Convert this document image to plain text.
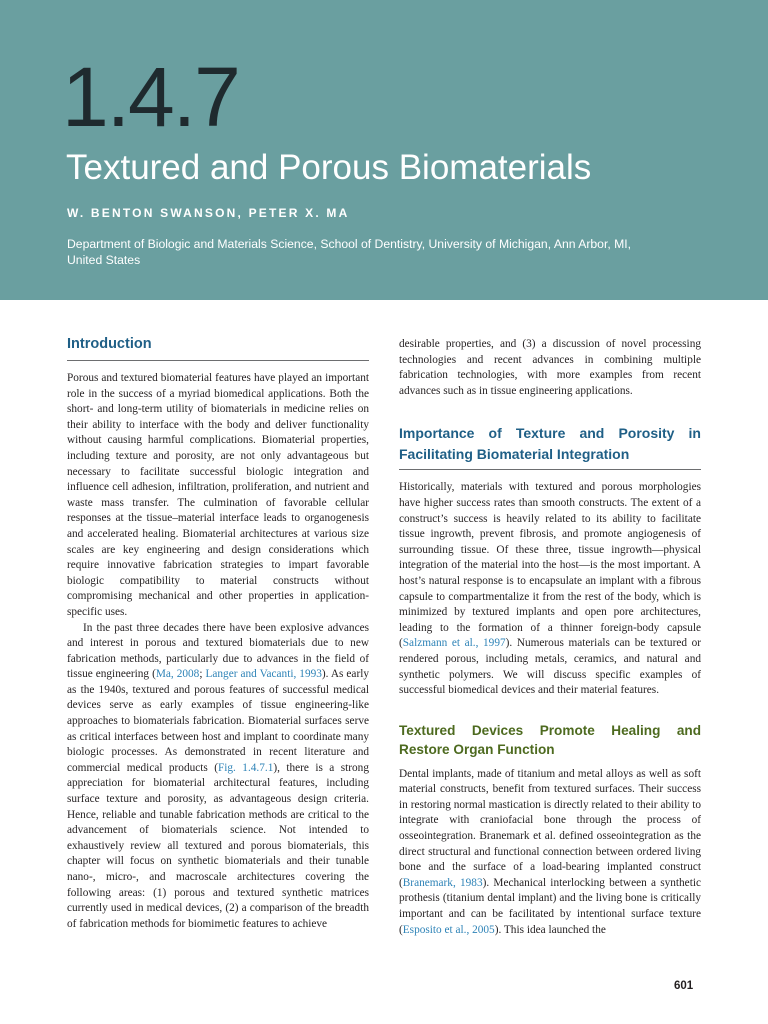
1.4.7
Textured and Porous Biomaterials
W. BENTON SWANSON, PETER X. MA
Department of Biologic and Materials Science, School of Dentistry, University of Michigan, Ann Arbor, MI, United States
Introduction

Porous and textured biomaterial features have played an important role in the success of a myriad biomedical applications. Both the short- and long-term utility of biomaterials in medicine relies on their ability to interface with the body and deliver functionality without causing harmful complications. Biomaterial properties, including texture and porosity, are not only advantageous but necessary to facilitate successful biologic integration and influence cell adhesion, infiltration, proliferation, and nutrient and waste mass transfer. The culmination of favorable cellular responses at the tissue–material interface leads to organogenesis and accelerated healing. Biomaterial architectures at various size scales are key engineering and design considerations which require innovative fabrication strategies to impart favorable biologic compatibility to material constructs without compromising mechanical and other properties in application-specific uses.

In the past three decades there have been explosive advances and interest in porous and textured biomaterials due to new fabrication methods, particularly due to advances in the field of tissue engineering (Ma, 2008; Langer and Vacanti, 1993). As early as the 1940s, textured and porous features of successful medical devices serve as early examples of tissue engineering-like approaches to biomaterials fabrication. Biomaterial surfaces serve as critical interfaces between host and implant to coordinate many biologic processes. As demonstrated in recent literature and commercial medical products (Fig. 1.4.7.1), there is a strong appreciation for biomaterial architectural features, including surface texture and porosity, as advantageous design criteria. Hence, reliable and tunable fabrication methods are critical to the advancement of biomaterials science. Not intended to exhaustively review all textured and porous biomaterials, this chapter will focus on synthetic biomaterials and their tunable nano-, micro-, and macroscale architectures covering the following areas: (1) porous and textured synthetic matrices currently used in medical devices, (2) a comparison of the breadth of fabrication methods for biomimetic features to achieve

desirable properties, and (3) a discussion of novel processing technologies and recent advances in combining multiple fabrication technologies, with more examples from recent advances such as in tissue engineering applications.

Importance of Texture and Porosity in Facilitating Biomaterial Integration

Historically, materials with textured and porous morphologies have higher success rates than smooth constructs. The extent of a construct’s success is heavily related to its ability to facilitate tissue ingrowth, prevent fibrosis, and promote angiogenesis of surrounding tissue. Of these three, tissue ingrowth—physical integration of the material into the host—is the most important. A host’s natural response is to encapsulate an implant with a fibrous capsule to compartmentalize it from the rest of the body, which is minimized by textured implants and open pore architectures, leading to the formation of a thinner foreign-body capsule (Salzmann et al., 1997). Numerous materials can be textured or rendered porous, including metals, ceramics, and natural and synthetic polymers. We will discuss specific examples of successful biomedical devices and their material features.

Textured Devices Promote Healing and Restore Organ Function

Dental implants, made of titanium and metal alloys as well as soft material constructs, benefit from textured surfaces. Their success in restoring normal mastication is directly related to their ability to integrate with craniofacial bone through the process of osseointegration. Branemark et al. defined osseointegration as the direct structural and functional connection between ordered living bone and the surface of a load-bearing implanted construct (Branemark, 1983). Mechanical interlocking between a synthetic prothesis (titanium dental implant) and the living bone is critically important and can be facilitated by intentional surface texture (Esposito et al., 2005). This idea launched the

601
